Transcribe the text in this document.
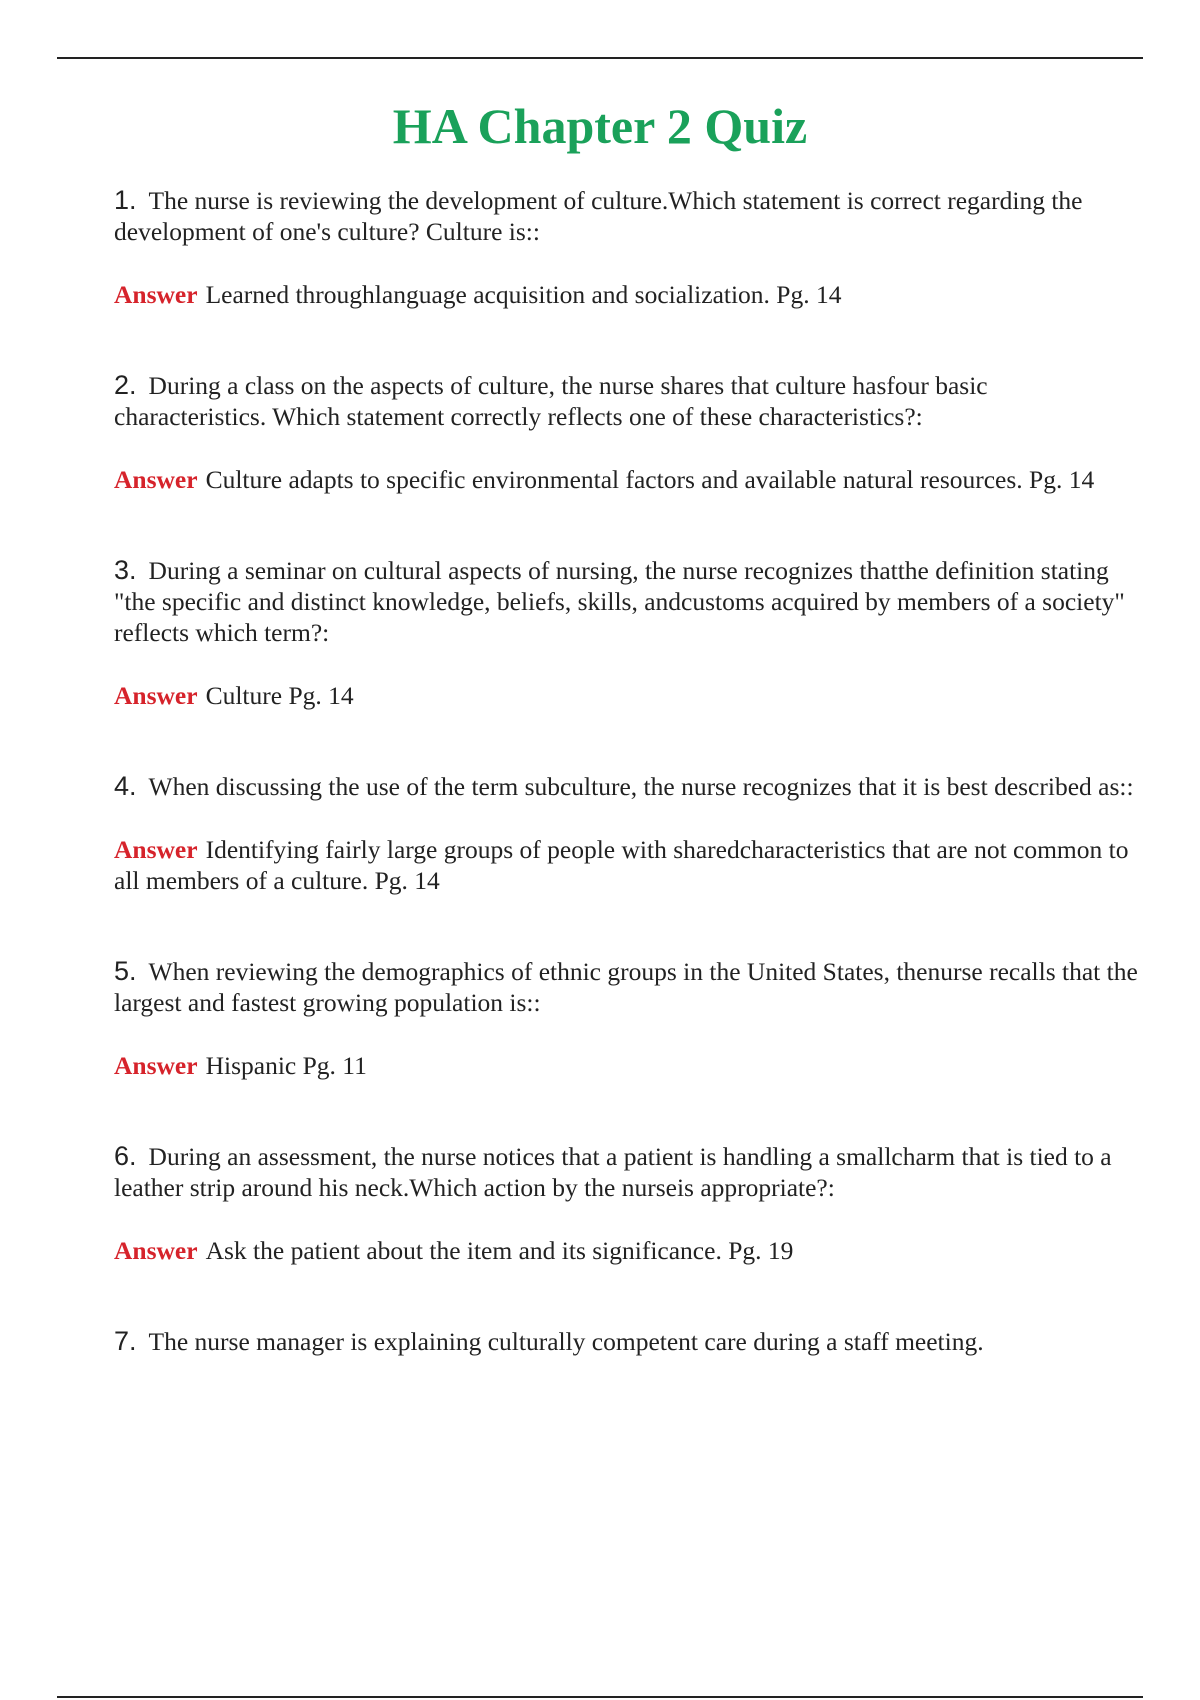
HA Chapter 2 Quiz

1. The nurse is reviewing the development of culture.Which statement is correct regarding the development of one's culture? Culture is::

Answer Learned throughlanguage acquisition and socialization. Pg. 14

2. During a class on the aspects of culture, the nurse shares that culture hasfour basic characteristics. Which statement correctly reflects one of these characteristics?:

Answer Culture adapts to specific environmental factors and available natural resources. Pg. 14

3. During a seminar on cultural aspects of nursing, the nurse recognizes thatthe definition stating "the specific and distinct knowledge, beliefs, skills, andcustoms acquired by members of a society" reflects which term?:

Answer Culture Pg. 14

4. When discussing the use of the term subculture, the nurse recognizes that it is best described as::

Answer Identifying fairly large groups of people with sharedcharacteristics that are not common to all members of a culture. Pg. 14

5. When reviewing the demographics of ethnic groups in the United States, thenurse recalls that the largest and fastest growing population is::

Answer Hispanic Pg. 11

6. During an assessment, the nurse notices that a patient is handling a smallcharm that is tied to a leather strip around his neck.Which action by the nurseis appropriate?:

Answer Ask the patient about the item and its significance. Pg. 19

7. The nurse manager is explaining culturally competent care during a staff meeting.
